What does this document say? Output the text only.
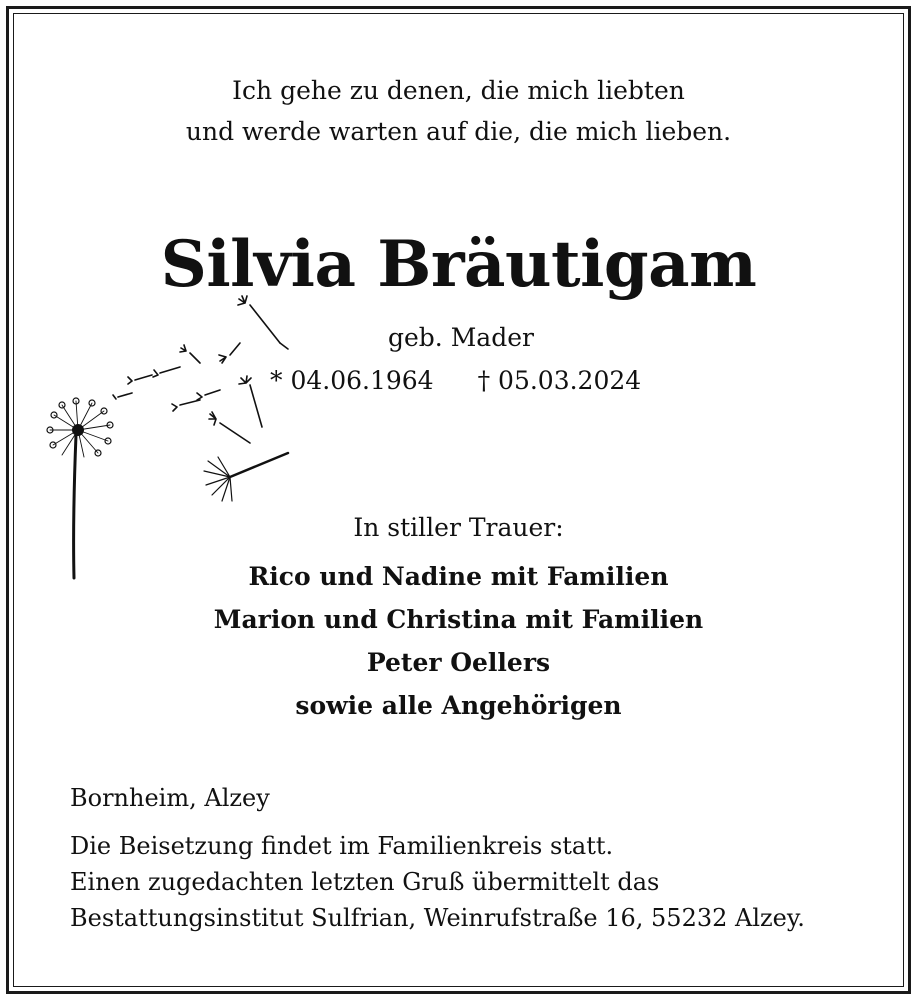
Ich gehe zu denen, die mich liebten
und werde warten auf die, die mich lieben.
Silvia Bräutigam
geb. Mader
* 04.06.1964 † 05.03.2024
In stiller Trauer:
Rico und Nadine mit Familien
Marion und Christina mit Familien
Peter Oellers
sowie alle Angehörigen
Bornheim, Alzey
Die Beisetzung findet im Familienkreis statt.
Einen zugedachten letzten Gruß übermittelt das
Bestattungsinstitut Sulfrian, Weinrufstraße 16, 55232 Alzey.
